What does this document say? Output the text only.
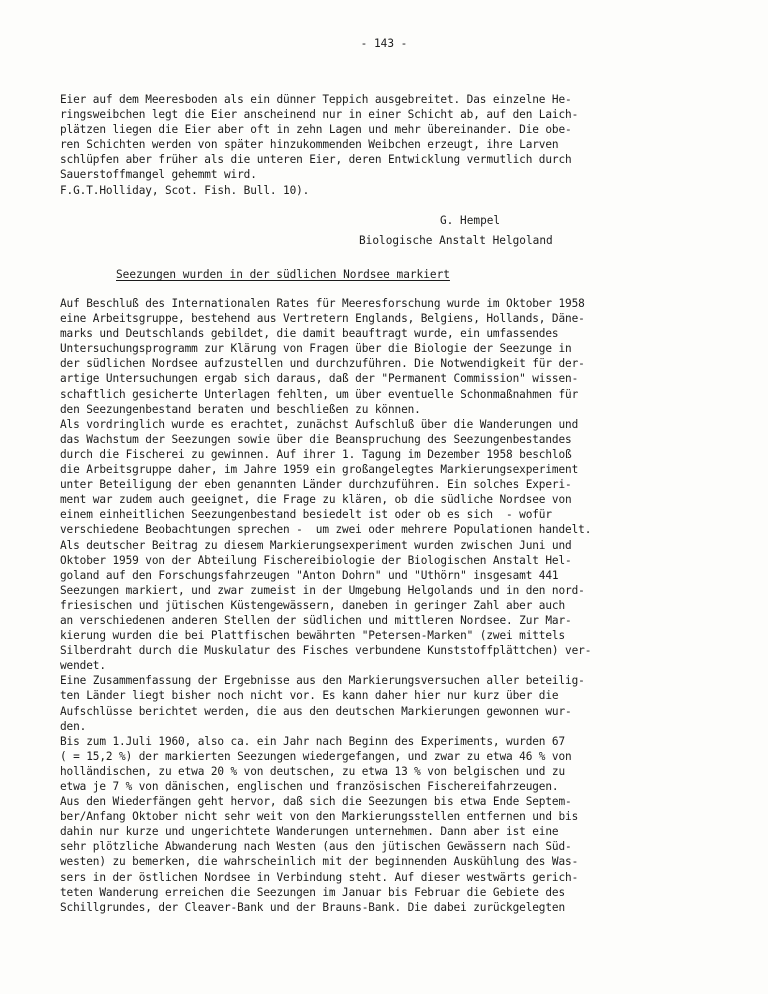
- 143 -
Eier auf dem Meeresboden als ein dünner Teppich ausgebreitet. Das einzelne He-
ringsweibchen legt die Eier anscheinend nur in einer Schicht ab, auf den Laich-
plätzen liegen die Eier aber oft in zehn Lagen und mehr übereinander. Die obe-
ren Schichten werden von später hinzukommenden Weibchen erzeugt, ihre Larven
schlüpfen aber früher als die unteren Eier, deren Entwicklung vermutlich durch
Sauerstoffmangel gehemmt wird.
F.G.T.Holliday, Scot. Fish. Bull. 10).
G. Hempel
Biologische Anstalt Helgoland
Seezungen wurden in der südlichen Nordsee markiert
Auf Beschluß des Internationalen Rates für Meeresforschung wurde im Oktober 1958
eine Arbeitsgruppe, bestehend aus Vertretern Englands, Belgiens, Hollands, Däne-
marks und Deutschlands gebildet, die damit beauftragt wurde, ein umfassendes
Untersuchungsprogramm zur Klärung von Fragen über die Biologie der Seezunge in
der südlichen Nordsee aufzustellen und durchzuführen. Die Notwendigkeit für der-
artige Untersuchungen ergab sich daraus, daß der "Permanent Commission" wissen-
schaftlich gesicherte Unterlagen fehlten, um über eventuelle Schonmaßnahmen für
den Seezungenbestand beraten und beschließen zu können.
Als vordringlich wurde es erachtet, zunächst Aufschluß über die Wanderungen und
das Wachstum der Seezungen sowie über die Beanspruchung des Seezungenbestandes
durch die Fischerei zu gewinnen. Auf ihrer 1. Tagung im Dezember 1958 beschloß
die Arbeitsgruppe daher, im Jahre 1959 ein großangelegtes Markierungsexperiment
unter Beteiligung der eben genannten Länder durchzuführen. Ein solches Experi-
ment war zudem auch geeignet, die Frage zu klären, ob die südliche Nordsee von
einem einheitlichen Seezungenbestand besiedelt ist oder ob es sich  - wofür
verschiedene Beobachtungen sprechen -  um zwei oder mehrere Populationen handelt.
Als deutscher Beitrag zu diesem Markierungsexperiment wurden zwischen Juni und
Oktober 1959 von der Abteilung Fischereibiologie der Biologischen Anstalt Hel-
goland auf den Forschungsfahrzeugen "Anton Dohrn" und "Uthörn" insgesamt 441
Seezungen markiert, und zwar zumeist in der Umgebung Helgolands und in den nord-
friesischen und jütischen Küstengewässern, daneben in geringer Zahl aber auch
an verschiedenen anderen Stellen der südlichen und mittleren Nordsee. Zur Mar-
kierung wurden die bei Plattfischen bewährten "Petersen-Marken" (zwei mittels
Silberdraht durch die Muskulatur des Fisches verbundene Kunststoffplättchen) ver-
wendet.
Eine Zusammenfassung der Ergebnisse aus den Markierungsversuchen aller beteilig-
ten Länder liegt bisher noch nicht vor. Es kann daher hier nur kurz über die
Aufschlüsse berichtet werden, die aus den deutschen Markierungen gewonnen wur-
den.
Bis zum 1.Juli 1960, also ca. ein Jahr nach Beginn des Experiments, wurden 67
( = 15,2 %) der markierten Seezungen wiedergefangen, und zwar zu etwa 46 % von
holländischen, zu etwa 20 % von deutschen, zu etwa 13 % von belgischen und zu
etwa je 7 % von dänischen, englischen und französischen Fischereifahrzeugen.
Aus den Wiederfängen geht hervor, daß sich die Seezungen bis etwa Ende Septem-
ber/Anfang Oktober nicht sehr weit von den Markierungsstellen entfernen und bis
dahin nur kurze und ungerichtete Wanderungen unternehmen. Dann aber ist eine
sehr plötzliche Abwanderung nach Westen (aus den jütischen Gewässern nach Süd-
westen) zu bemerken, die wahrscheinlich mit der beginnenden Auskühlung des Was-
sers in der östlichen Nordsee in Verbindung steht. Auf dieser westwärts gerich-
teten Wanderung erreichen die Seezungen im Januar bis Februar die Gebiete des
Schillgrundes, der Cleaver-Bank und der Brauns-Bank. Die dabei zurückgelegten
